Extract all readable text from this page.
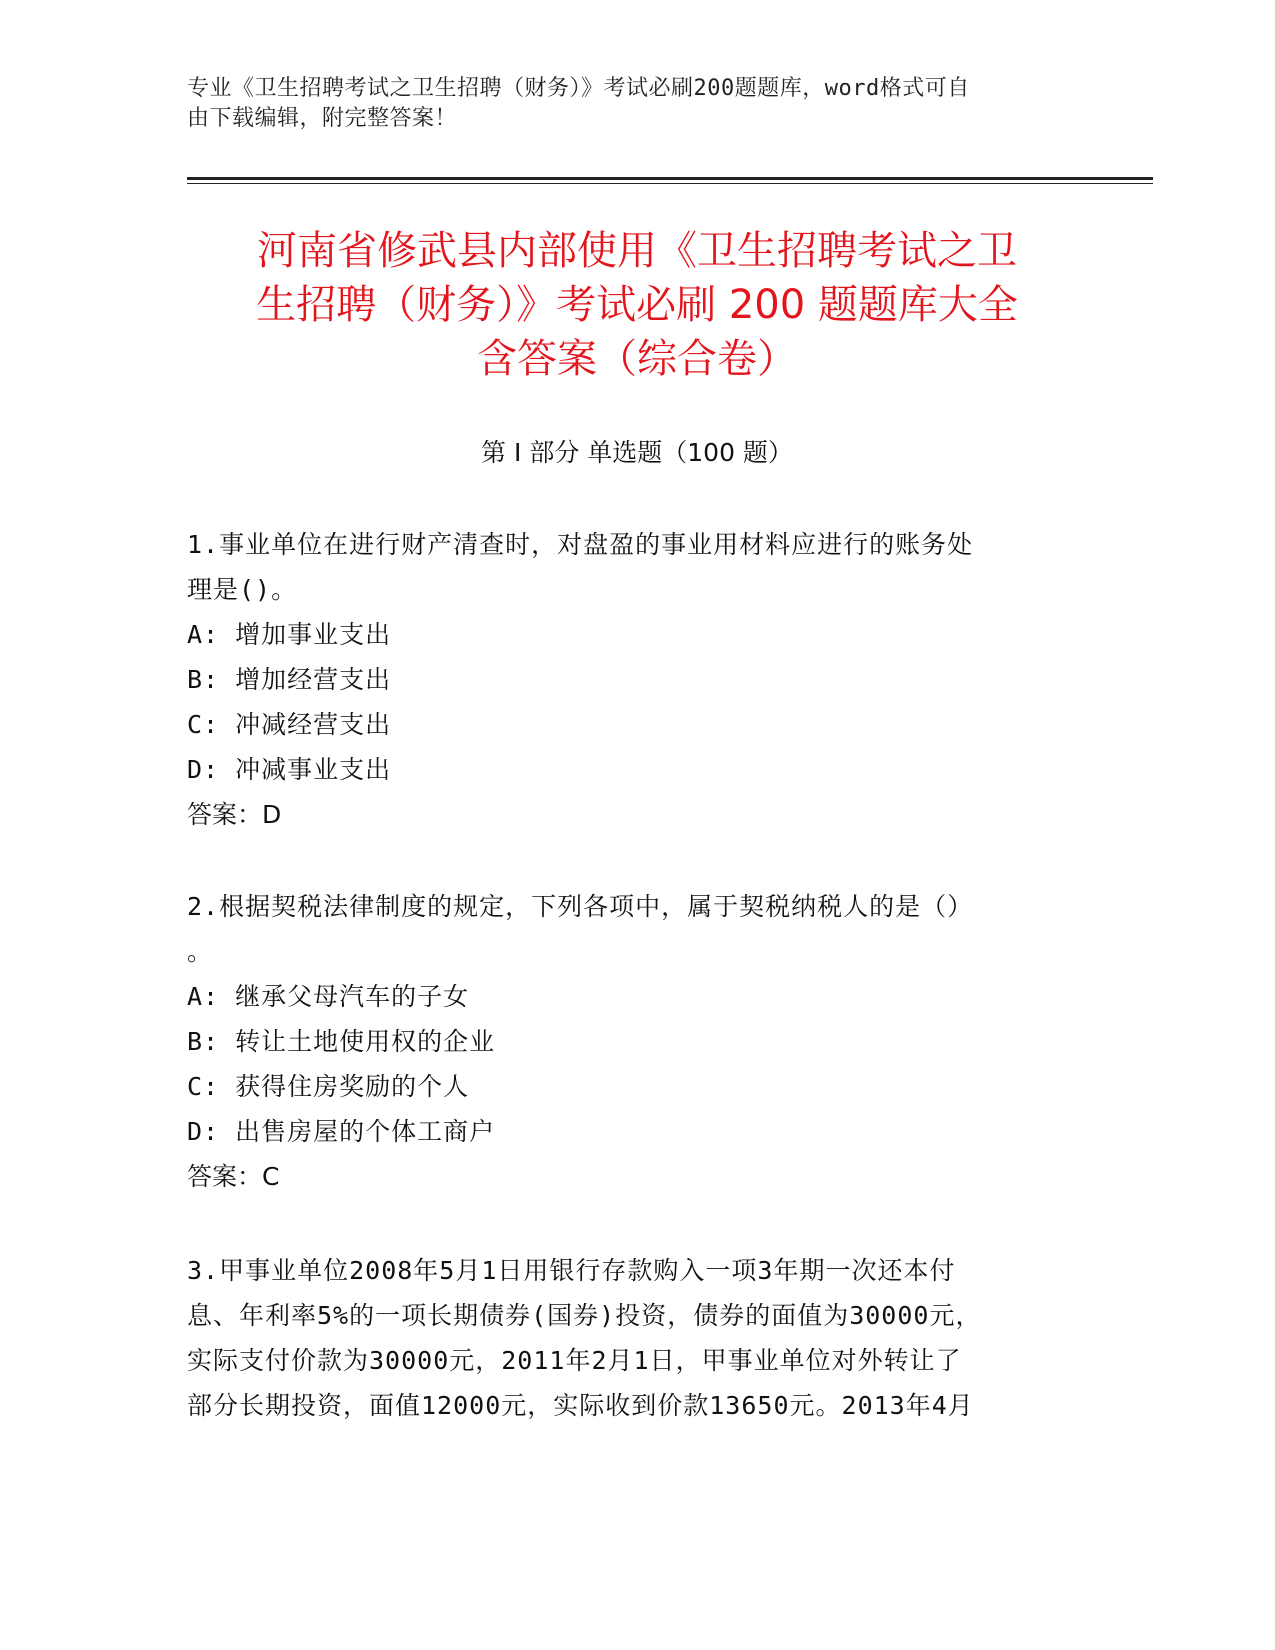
专业《卫生招聘考试之卫生招聘（财务）》考试必刷200题题库，word格式可自
由下载编辑，附完整答案！
河南省修武县内部使用《卫生招聘考试之卫
生招聘（财务）》考试必刷 200 题题库大全
含答案（综合卷）
第 I 部分 单选题（100 题）

1.事业单位在进行财产清查时，对盘盈的事业用材料应进行的账务处

理是()。

A: 增加事业支出

B: 增加经营支出

C: 冲减经营支出

D: 冲减事业支出

答案：D

2.根据契税法律制度的规定，下列各项中，属于契税纳税人的是（）

。

A: 继承父母汽车的子女

B: 转让土地使用权的企业

C: 获得住房奖励的个人

D: 出售房屋的个体工商户

答案：C

3.甲事业单位2008年5月1日用银行存款购入一项3年期一次还本付

息、年利率5%的一项长期债券(国券)投资，债券的面值为30000元，

实际支付价款为30000元，2011年2月1日，甲事业单位对外转让了

部分长期投资，面值12000元，实际收到价款13650元。2013年4月
